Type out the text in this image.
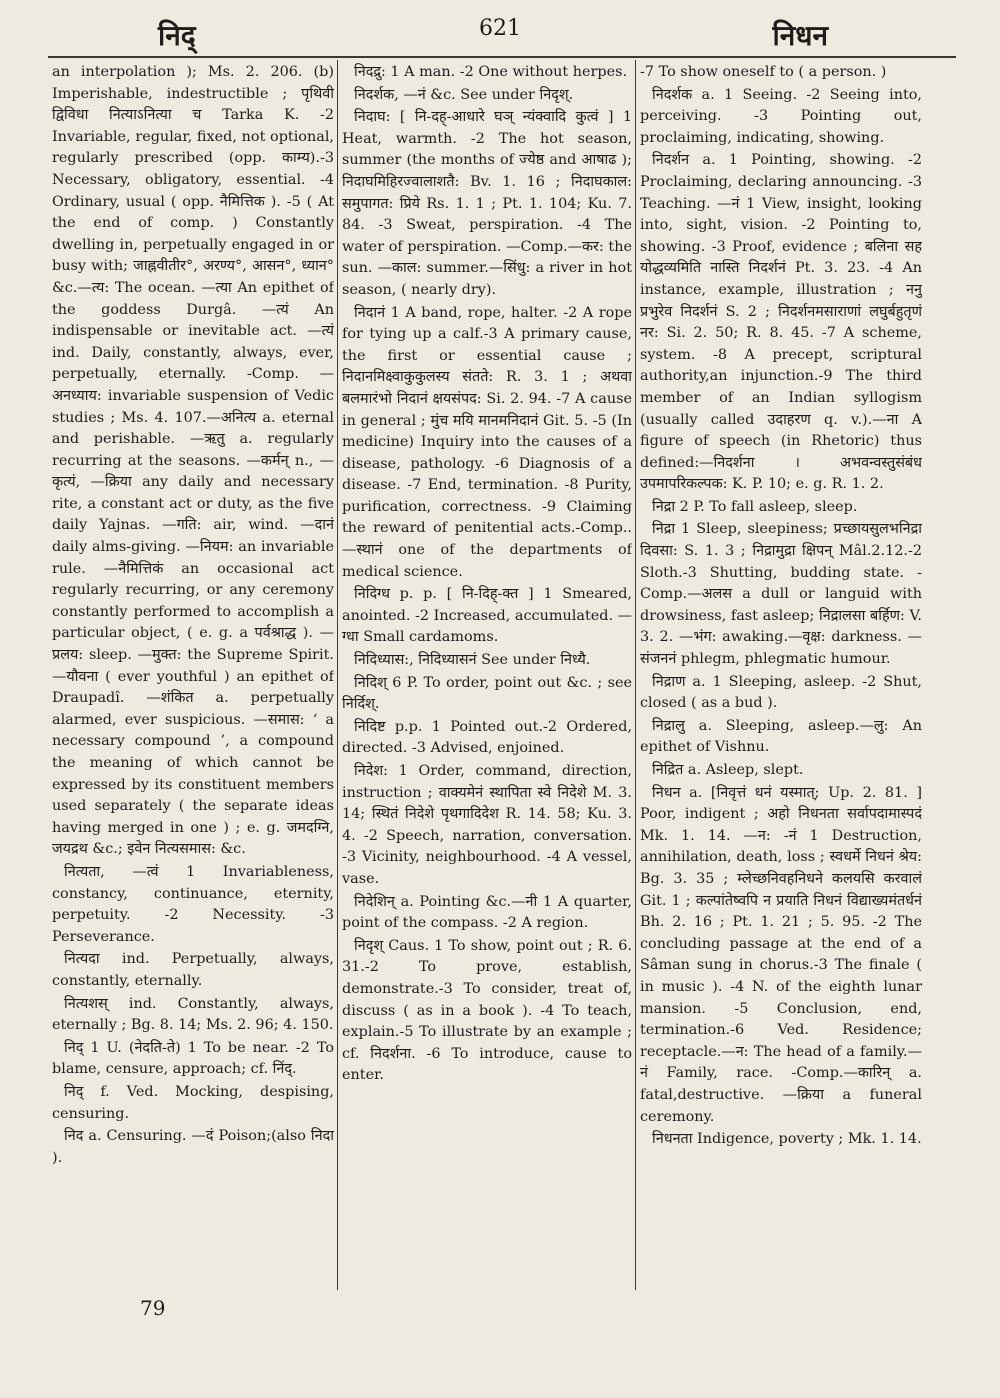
निद्	621	निधन

an interpolation ); Ms. 2. 206. (b) Imperishable, indestructible ; पृथिवी द्विविधा नित्याऽनित्या च Tarka K. -2 Invariable, regular, fixed, not optional, regularly prescribed (opp. काम्य).-3 Necessary, obligatory, essential. -4 Ordinary, usual ( opp. नैमित्तिक ). -5 ( At the end of comp. ) Constantly dwelling in, perpetually engaged in or busy with; जाह्नवीतीर°, अरण्य°, आसन°, ध्यान° &c.—त्य: The ocean. —त्या An epithet of the goddess Durgâ. —त्यं An indispensable or inevitable act. —त्यं ind. Daily, constantly, always, ever, perpetually, eternally. -Comp. —अनध्याय: invariable suspension of Vedic studies ; Ms. 4. 107.—अनित्य a. eternal and perishable. —ऋतु a. regularly recurring at the seasons. —कर्मन् n., —कृत्यं, —क्रिया any daily and necessary rite, a constant act or duty, as the five daily Yajnas. —गति: air, wind. —दानं daily alms-giving. —नियम: an invariable rule. —नैमित्तिकं an occasional act regularly recurring, or any ceremony constantly performed to accomplish a particular object, ( e. g. a पर्वश्राद्ध ). —प्रलय: sleep. —मुक्त: the Supreme Spirit. —यौवना ( ever youthful ) an epithet of Draupadî. —शंकित a. perpetually alarmed, ever suspicious. —समास: ‘ a necessary compound ’, a compound the meaning of which cannot be expressed by its constituent members used separately ( the separate ideas having merged in one ) ; e. g. जमदग्नि, जयद्रथ &c.; इवेन नित्यसमास: &c.

नित्यता, —त्वं 1 Invariableness, constancy, continuance, eternity, perpetuity. -2 Necessity. -3 Perseverance.

नित्यदा ind. Perpetually, always, constantly, eternally.

नित्यशस् ind. Constantly, always, eternally ; Bg. 8. 14; Ms. 2. 96; 4. 150.

निद् 1 U. (नेदति-ते) 1 To be near. -2 To blame, censure, approach; cf. निंद्.

निद् f. Ved. Mocking, despising, censuring.

निद a. Censuring. —दं Poison;(also निदा ).

निदद्रु: 1 A man. -2 One without herpes.

निदर्शक, —नं &c. See under निदृश्.

निदाघ: [ नि-दह्-आधारे घञ् न्यंक्वादि कुत्वं ] 1 Heat, warmth. -2 The hot season, summer (the months of ज्येष्ठ and आषाढ ); निदाघमिहिरज्वालाशतै: Bv. 1. 16 ; निदाघकाल: समुपागत: प्रिये Rs. 1. 1 ; Pt. 1. 104; Ku. 7. 84. -3 Sweat, perspiration. -4 The water of perspiration. —Comp.—कर: the sun. —काल: summer.—सिंधु: a river in hot season, ( nearly dry).

निदानं 1 A band, rope, halter. -2 A rope for tying up a calf.-3 A primary cause, the first or essential cause ; निदानमिक्ष्वाकुकुलस्य संतते: R. 3. 1 ; अथवा बलमारंभो निदानं क्षयसंपद: Si. 2. 94. -7 A cause in general ; मुंच मयि मानमनिदानं Git. 5. -5 (In medicine) Inquiry into the causes of a disease, pathology. -6 Diagnosis of a disease. -7 End, termination. -8 Purity, purification, correctness. -9 Claiming the reward of penitential acts.-Comp..—स्थानं one of the departments of medical science.

निदिग्ध p. p. [ नि-दिह्-क्त ] 1 Smeared, anointed. -2 Increased, accumulated. —ग्धा Small cardamoms.

निदिध्यास:, निदिध्यासनं See under निध्यै.

निदिश् 6 P. To order, point out &c. ; see निर्दिश्.

निदिष्ट p.p. 1 Pointed out.-2 Ordered, directed. -3 Advised, enjoined.

निदेश: 1 Order, command, direction, instruction ; वाक्यमेनं स्थापिता स्वे निदेशे M. 3. 14; स्थितं निदेशे पृथगादिदेश R. 14. 58; Ku. 3. 4. -2 Speech, narration, conversation. -3 Vicinity, neighbourhood. -4 A vessel, vase.

निदेशिन् a. Pointing &c.—नी 1 A quarter, point of the compass. -2 A region.

निदृश् Caus. 1 To show, point out ; R. 6. 31.-2 To prove, establish, demonstrate.-3 To consider, treat of, discuss ( as in a book ). -4 To teach, explain.-5 To illustrate by an example ; cf. निदर्शना. -6 To introduce, cause to enter.

-7 To show oneself to ( a person. )

निदर्शक a. 1 Seeing. -2 Seeing into, perceiving. -3 Pointing out, proclaiming, indicating, showing.

निदर्शन a. 1 Pointing, showing. -2 Proclaiming, declaring announcing. -3 Teaching. —नं 1 View, insight, looking into, sight, vision. -2 Pointing to, showing. -3 Proof, evidence ; बलिना सह योद्धव्यमिति नास्ति निदर्शनं Pt. 3. 23. -4 An instance, example, illustration ; ननु प्रभुरेव निदर्शनं S. 2 ; निदर्शनमसाराणां लघुर्बहुतृणं नर: Si. 2. 50; R. 8. 45. -7 A scheme, system. -8 A precept, scriptural authority,an injunction.-9 The third member of an Indian syllogism (usually called उदाहरण q. v.).—ना A figure of speech (in Rhetoric) thus defined:—निदर्शना । अभवन्वस्तुसंबंध उपमापरिकल्पक: K. P. 10; e. g. R. 1. 2.

निद्रा 2 P. To fall asleep, sleep.

निद्रा 1 Sleep, sleepiness; प्रच्छायसुलभनिद्रा दिवसा: S. 1. 3 ; निद्रामुद्रा क्षिपन् Mâl.2.12.-2 Sloth.-3 Shutting, budding state. -Comp.—अलस a dull or languid with drowsiness, fast asleep; निद्रालसा बर्हिण: V. 3. 2. —भंग: awaking.—वृक्ष: darkness. —संजननं phlegm, phlegmatic humour.

निद्राण a. 1 Sleeping, asleep. -2 Shut, closed ( as a bud ).

निद्रालु a. Sleeping, asleep.—लु: An epithet of Vishnu.

निद्रित a. Asleep, slept.

निधन a. [निवृत्तं धनं यस्मात्; Up. 2. 81. ] Poor, indigent ; अहो निधनता सर्वापदामास्पदं Mk. 1. 14. —न: -नं 1 Destruction, annihilation, death, loss ; स्वधर्मे निधनं श्रेय: Bg. 3. 35 ; म्लेच्छनिवहनिधने कलयसि करवालं Git. 1 ; कल्पांतेष्वपि न प्रयाति निधनं विद्याख्यमंतर्धनं Bh. 2. 16 ; Pt. 1. 21 ; 5. 95. -2 The concluding passage at the end of a Sâman sung in chorus.-3 The finale ( in music ). -4 N. of the eighth lunar mansion. -5 Conclusion, end, termination.-6 Ved. Residence; receptacle.—न: The head of a family.—नं Family, race. -Comp.—कारिन् a. fatal,destructive. —क्रिया a funeral ceremony.

निधनता Indigence, poverty ; Mk. 1. 14.

79
